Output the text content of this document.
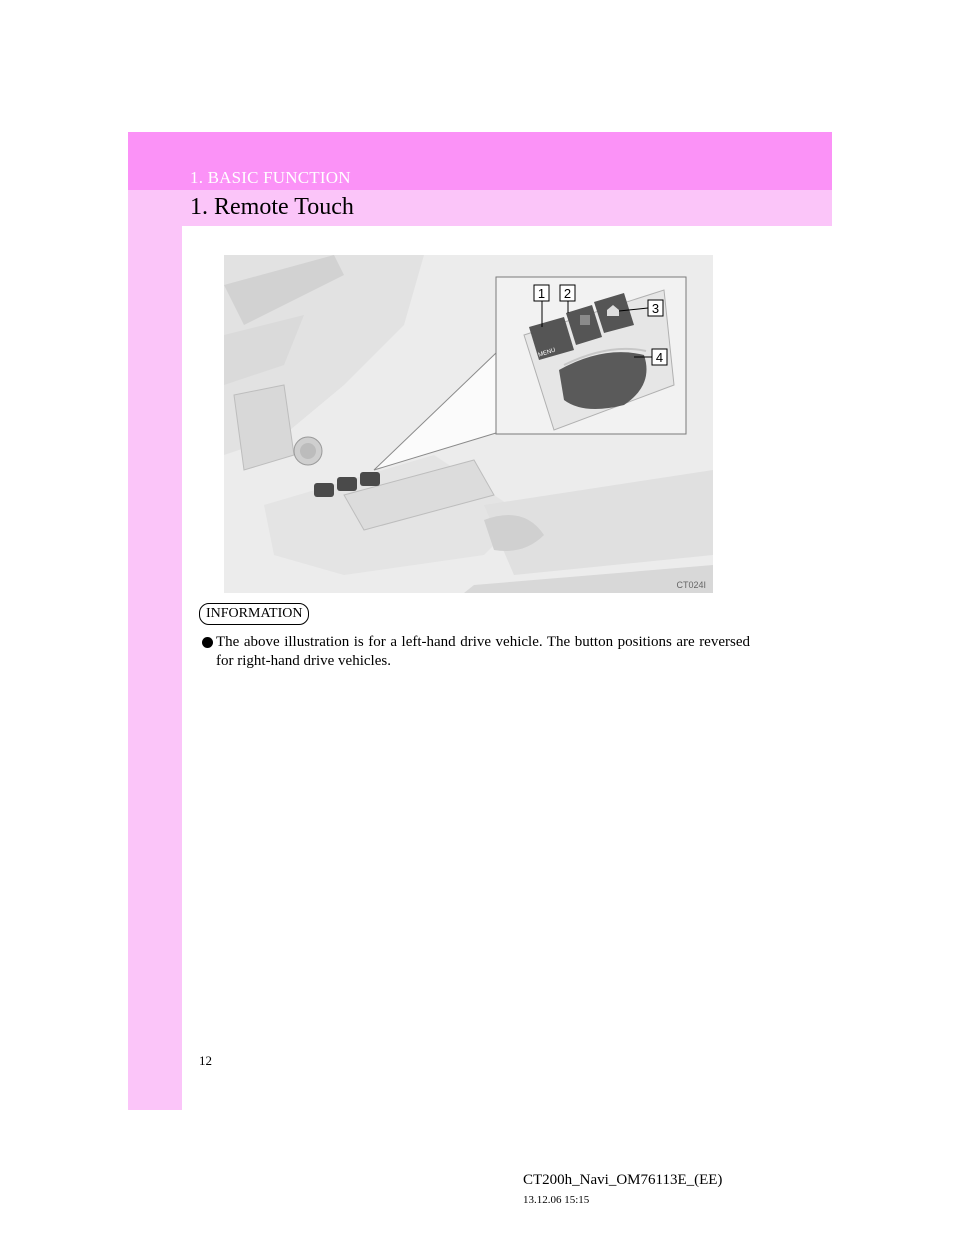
1. BASIC FUNCTION
1. Remote Touch
1 2
3
4
MENU
CT024I
INFORMATION
The above illustration is for a left-hand drive vehicle. The button positions are reversed for right-hand drive vehicles.
12
CT200h_Navi_OM76113E_(EE)
13.12.06 15:15
